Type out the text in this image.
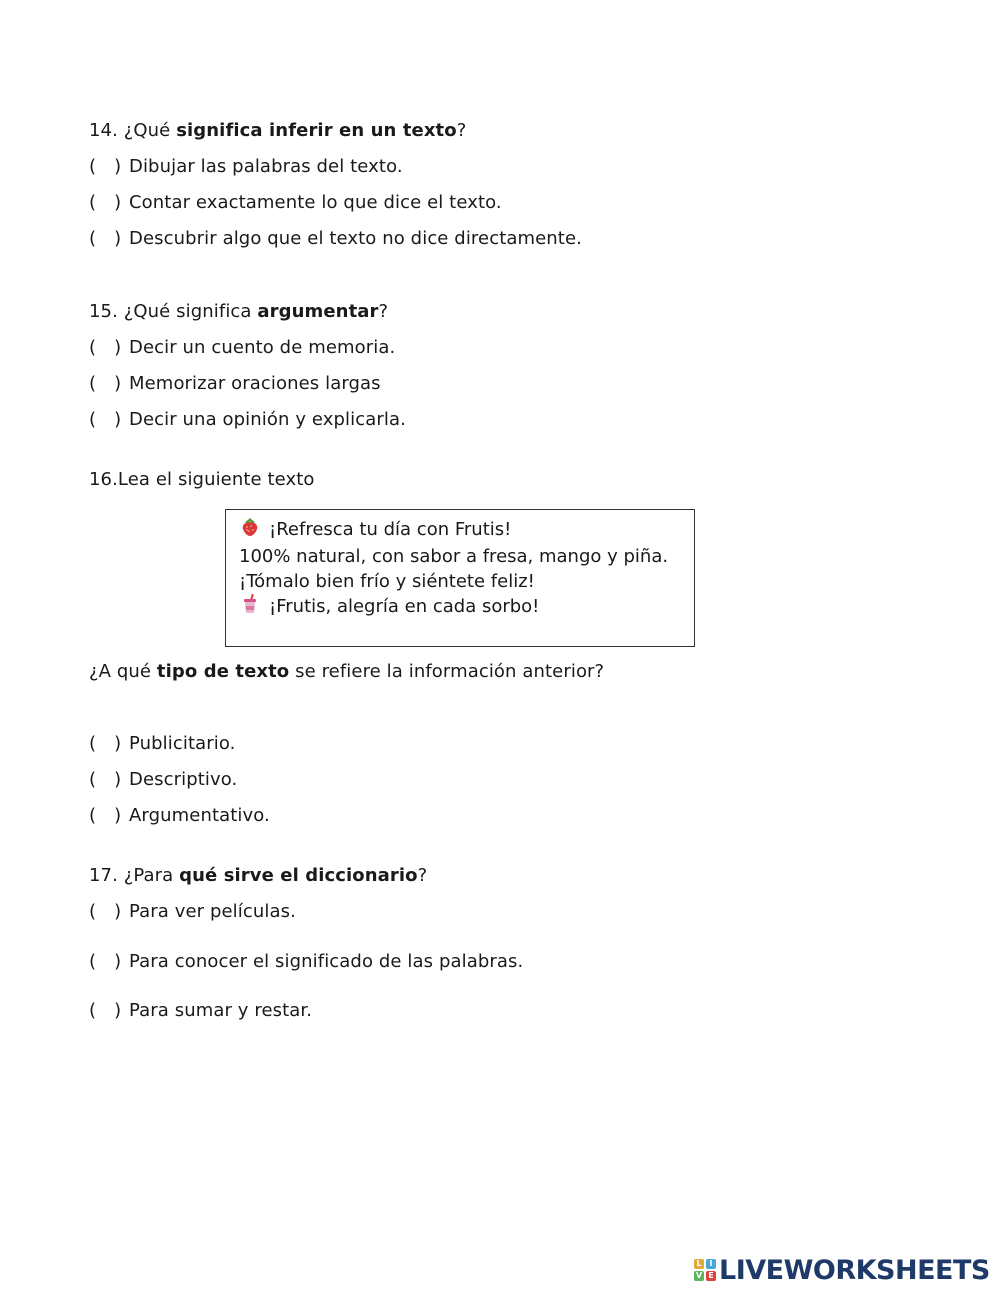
14. ¿Qué significa inferir en un texto?
( ) Dibujar las palabras del texto.
( ) Contar exactamente lo que dice el texto.
( ) Descubrir algo que el texto no dice directamente.
15. ¿Qué significa argumentar?
( ) Decir un cuento de memoria.
( ) Memorizar oraciones largas
( ) Decir una opinión y explicarla.
16.Lea el siguiente texto
¡Refresca tu día con Frutis!
100% natural, con sabor a fresa, mango y piña.
¡Tómalo bien frío y siéntete feliz!
¡Frutis, alegría en cada sorbo!
¿A qué tipo de texto se refiere la información anterior?
( ) Publicitario.
( ) Descriptivo.
( ) Argumentativo.
17. ¿Para qué sirve el diccionario?
( ) Para ver películas.
( ) Para conocer el significado de las palabras.
( ) Para sumar y restar.
L I
V E LIVEWORKSHEETS
